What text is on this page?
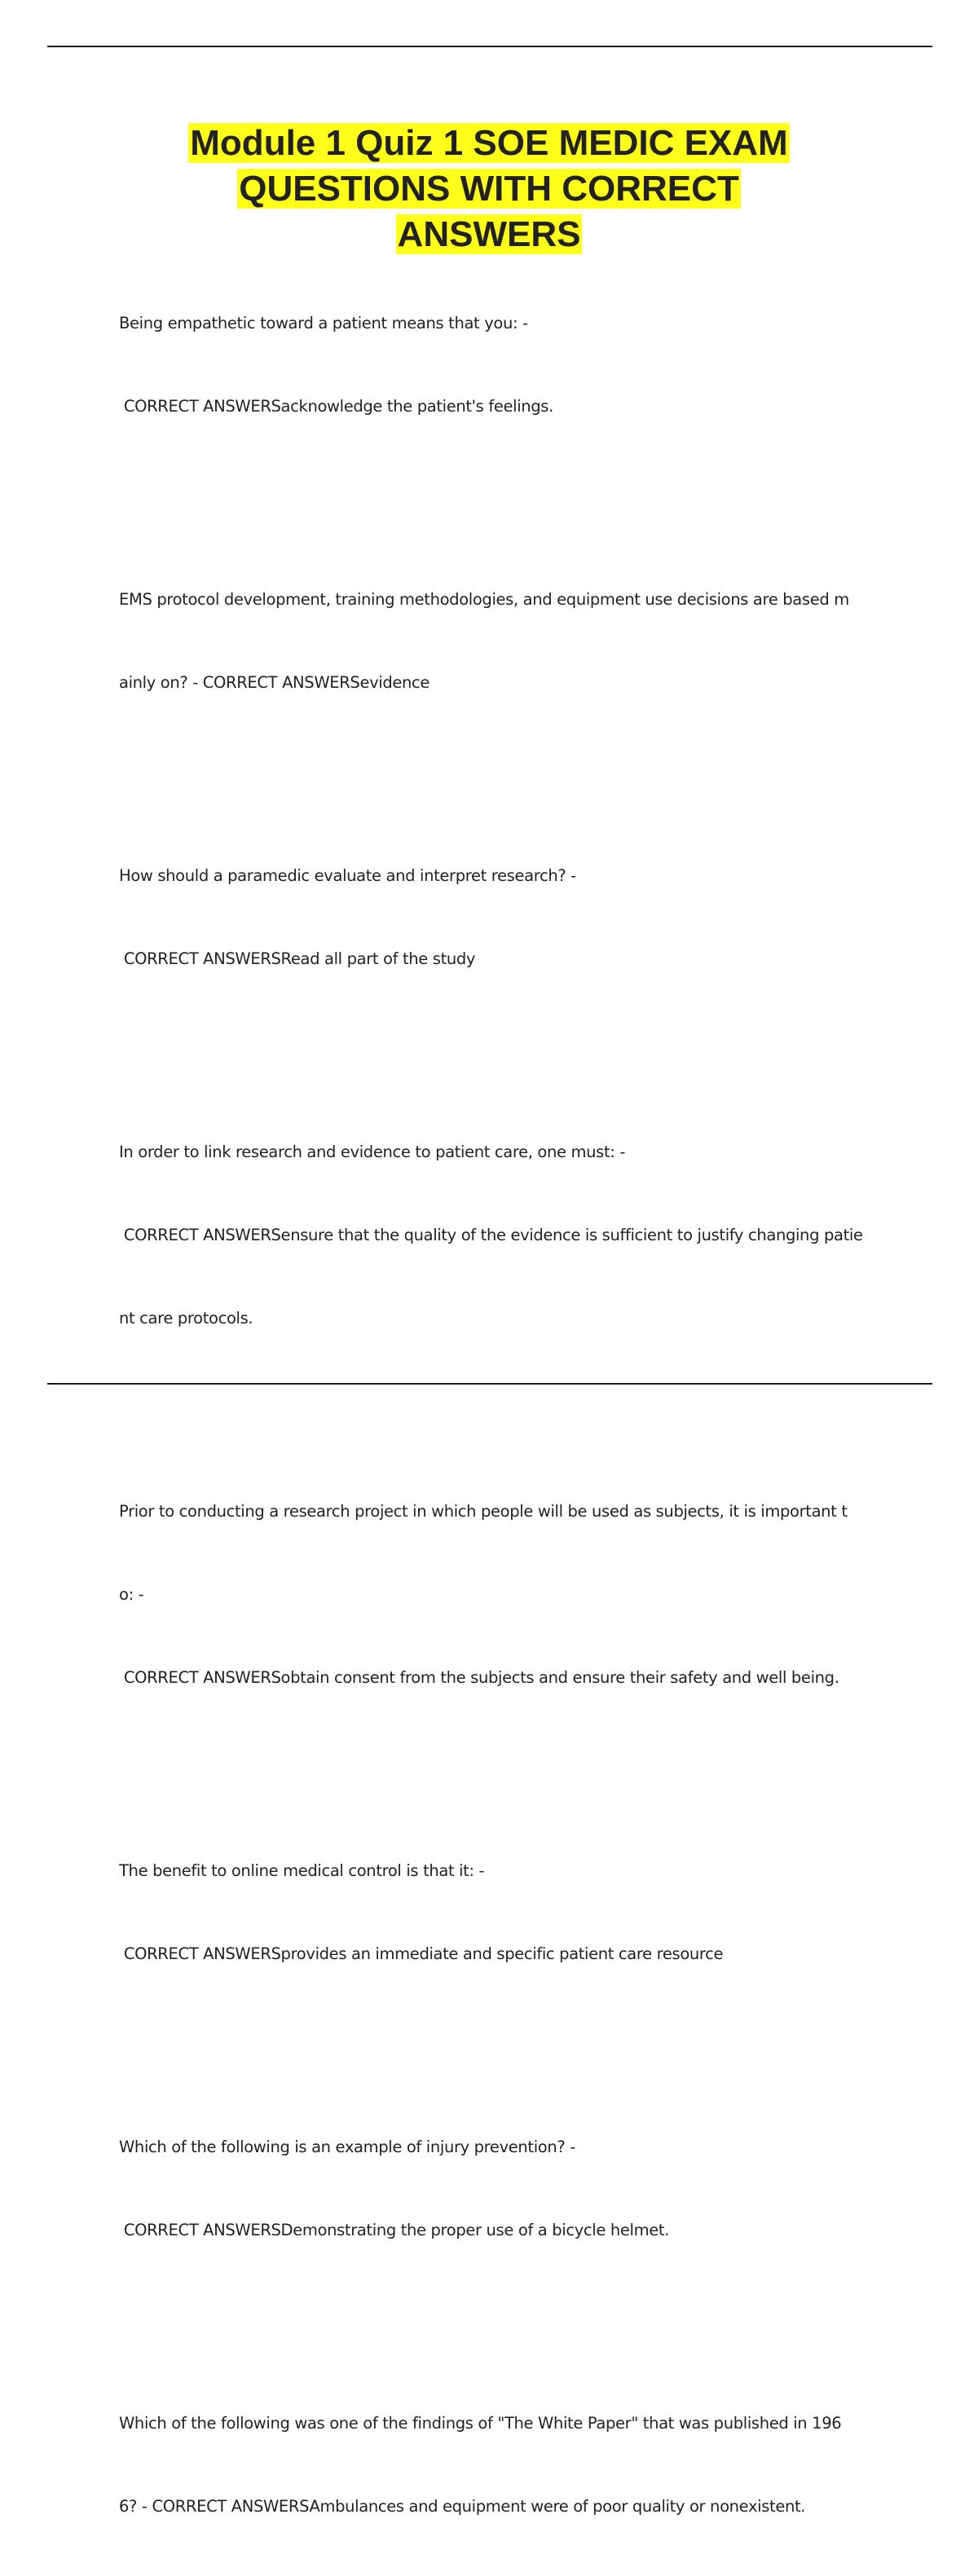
Module 1 Quiz 1 SOE MEDIC EXAM
QUESTIONS WITH CORRECT
ANSWERS

Being empathetic toward a patient means that you: -

CORRECT ANSWERSacknowledge the patient's feelings.

EMS protocol development, training methodologies, and equipment use decisions are based m

ainly on? - CORRECT ANSWERSevidence

How should a paramedic evaluate and interpret research? -

CORRECT ANSWERSRead all part of the study

In order to link research and evidence to patient care, one must: -

CORRECT ANSWERSensure that the quality of the evidence is sufficient to justify changing patie

nt care protocols.

Prior to conducting a research project in which people will be used as subjects, it is important t

o: -

CORRECT ANSWERSobtain consent from the subjects and ensure their safety and well being.

The benefit to online medical control is that it: -

CORRECT ANSWERSprovides an immediate and specific patient care resource

Which of the following is an example of injury prevention? -

CORRECT ANSWERSDemonstrating the proper use of a bicycle helmet.

Which of the following was one of the findings of "The White Paper" that was published in 196

6? - CORRECT ANSWERSAmbulances and equipment were of poor quality or nonexistent.
